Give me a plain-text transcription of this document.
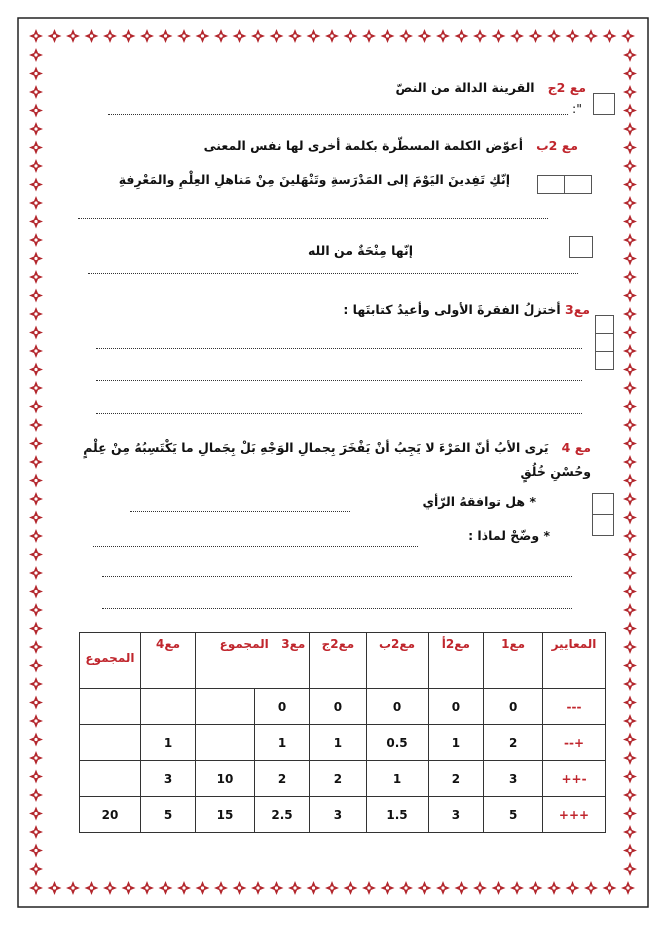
مع 2ج   القرينة الدالة من النصّ
":
مع 2ب   أعوّض الكلمة المسطّرة بكلمة أخرى لها نفس المعنى
إنّكِ تَفِدينَ اليَوْمَ إلى المَدْرَسةِ وتَنْهَلينَ مِنْ مَناهلِ العِلْمِ والمَعْرِفةِ
إنّها مِنْحَةٌ من الله
مع3 أختزلُ الفقرةَ الأولى وأعيدُ كتابتَها :
مع 4   يَرى الأبُ أنّ المَرْءَ لا يَجِبُ أنْ يَفْخَرَ بِجمالِ الوَجْهِ بَلْ بِجَمالِ ما يَكْتَسِبُهُ مِنْ عِلْمٍ وحُسْنِ خُلُقٍ
* هل توافقهُ الرّأي
* وضّحْ لماذا :
المعايير	مع1	مع2أ	مع2ب	مع2ج	مع3   المجموع		مع4	المجموع

---	0	0	0	0	0			
+--	2	1	0.5	1	1		1	
-++	3	2	1	2	2	10	3	
+++	5	3	1.5	3	2.5	15	5	20
